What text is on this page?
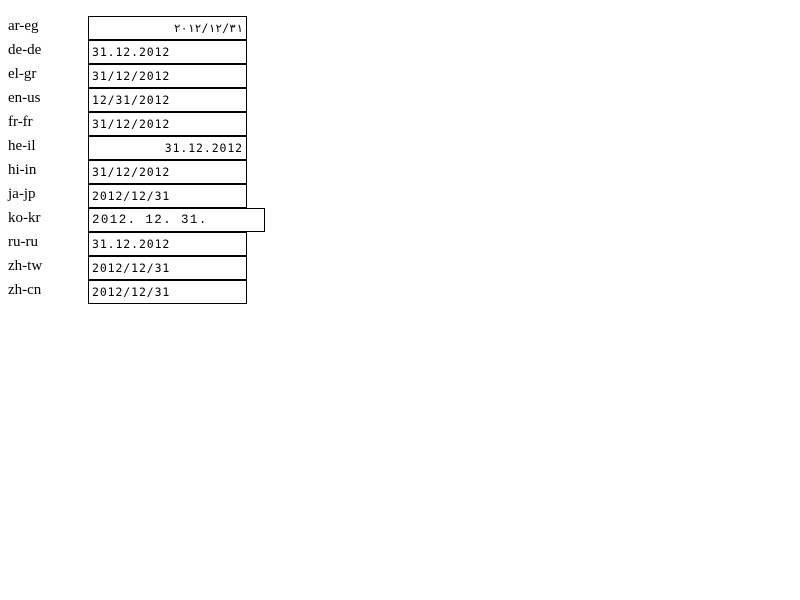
ar-eg	٢٠١٢/١٢/٣١
de-de	31.12.2012
el-gr	31/12/2012
en-us	12/31/2012
fr-fr	31/12/2012
he-il	31.12.2012
hi-in	31/12/2012
ja-jp	2012/12/31
ko-kr	2012. 12. 31.
ru-ru	31.12.2012
zh-tw	2012/12/31
zh-cn	2012/12/31
